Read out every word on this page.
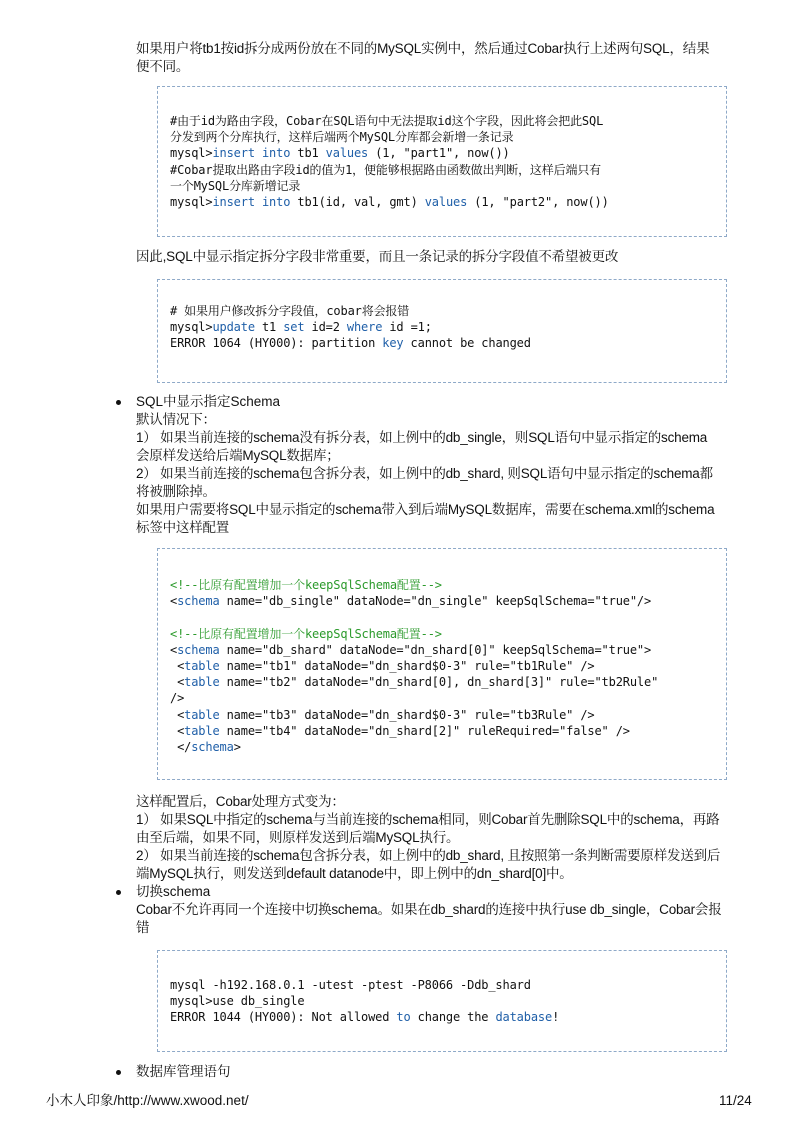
如果用户将tb1按id拆分成两份放在不同的MySQL实例中，然后通过Cobar执行上述两句SQL，结果
便不同。
#由于id为路由字段，Cobar在SQL语句中无法提取id这个字段，因此将会把此SQL
分发到两个分库执行，这样后端两个MySQL分库都会新增一条记录
mysql>insert into tb1 values (1, "part1", now())
#Cobar提取出路由字段id的值为1，便能够根据路由函数做出判断，这样后端只有
一个MySQL分库新增记录
mysql>insert into tb1(id, val, gmt) values (1, "part2", now())
因此,SQL中显示指定拆分字段非常重要，而且一条记录的拆分字段值不希望被更改
# 如果用户修改拆分字段值，cobar将会报错
mysql>update t1 set id=2 where id =1;
ERROR 1064 (HY000): partition key cannot be changed
SQL中显示指定Schema
默认情况下：
1） 如果当前连接的schema没有拆分表，如上例中的db_single，则SQL语句中显示指定的schema
会原样发送给后端MySQL数据库；
2） 如果当前连接的schema包含拆分表，如上例中的db_shard, 则SQL语句中显示指定的schema都
将被删除掉。
如果用户需要将SQL中显示指定的schema带入到后端MySQL数据库，需要在schema.xml的schema
标签中这样配置
<!--比原有配置增加一个keepSqlSchema配置-->
<schema name="db_single" dataNode="dn_single" keepSqlSchema="true"/>
<!--比原有配置增加一个keepSqlSchema配置-->
<schema name="db_shard" dataNode="dn_shard[0]" keepSqlSchema="true">
<table name="tb1" dataNode="dn_shard$0-3" rule="tb1Rule" />
<table name="tb2" dataNode="dn_shard[0], dn_shard[3]" rule="tb2Rule"
/>
<table name="tb3" dataNode="dn_shard$0-3" rule="tb3Rule" />
<table name="tb4" dataNode="dn_shard[2]" ruleRequired="false" />
</schema>
这样配置后，Cobar处理方式变为：
1） 如果SQL中指定的schema与当前连接的schema相同，则Cobar首先删除SQL中的schema，再路
由至后端，如果不同，则原样发送到后端MySQL执行。
2） 如果当前连接的schema包含拆分表，如上例中的db_shard, 且按照第一条判断需要原样发送到后
端MySQL执行，则发送到default datanode中，即上例中的dn_shard[0]中。
切换schema
Cobar不允许再同一个连接中切换schema。如果在db_shard的连接中执行use db_single，Cobar会报
错
mysql -h192.168.0.1 -utest -ptest -P8066 -Ddb_shard
mysql>use db_single
ERROR 1044 (HY000): Not allowed to change the database!
数据库管理语句
小木人印象/http://www.xwood.net/	11/24
